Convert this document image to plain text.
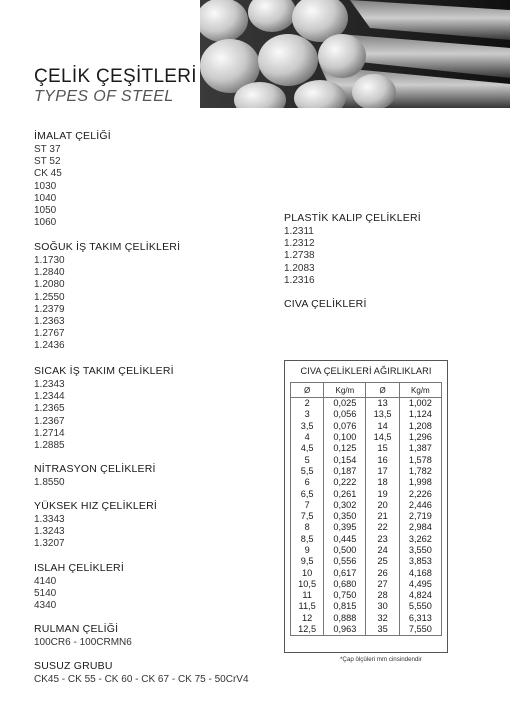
ÇELİK ÇEŞİTLERİ
TYPES OF STEEL
İMALAT ÇELİĞİ
ST 37
ST 52
CK 45
1030
1040
1050
1060
SOĞUK İŞ TAKIM ÇELİKLERİ
1.1730
1.2840
1.2080
1.2550
1.2379
1.2363
1.2767
1.2436
SICAK İŞ TAKIM ÇELİKLERİ
1.2343
1.2344
1.2365
1.2367
1.2714
1.2885
NİTRASYON ÇELİKLERİ
1.8550
YÜKSEK HIZ ÇELİKLERİ
1.3343
1.3243
1.3207
ISLAH ÇELİKLERİ
4140
5140
4340
RULMAN ÇELİĞİ
100CR6 - 100CRMN6
SUSUZ GRUBU
CK45 - CK 55 - CK 60 - CK 67 - CK 75 - 50CrV4
PLASTİK KALIP ÇELİKLERİ
1.2311
1.2312
1.2738
1.2083
1.2316
CIVA ÇELİKLERİ
CIVA ÇELİKLERİ AĞIRLIKLARI
Ø	Kg/m	Ø	Kg/m
2	0,025	13	1,002
3	0,056	13,5	1,124
3,5	0,076	14	1,208
4	0,100	14,5	1,296
4,5	0,125	15	1,387
5	0,154	16	1,578
5,5	0,187	17	1,782
6	0,222	18	1,998
6,5	0,261	19	2,226
7	0,302	20	2,446
7,5	0,350	21	2,719
8	0,395	22	2,984
8,5	0,445	23	3,262
9	0,500	24	3,550
9,5	0,556	25	3,853
10	0,617	26	4,168
10,5	0,680	27	4,495
11	0,750	28	4,824
11,5	0,815	30	5,550
12	0,888	32	6,313
12,5	0,963	35	7,550
*Çap ölçüleri mm cinsindendir
